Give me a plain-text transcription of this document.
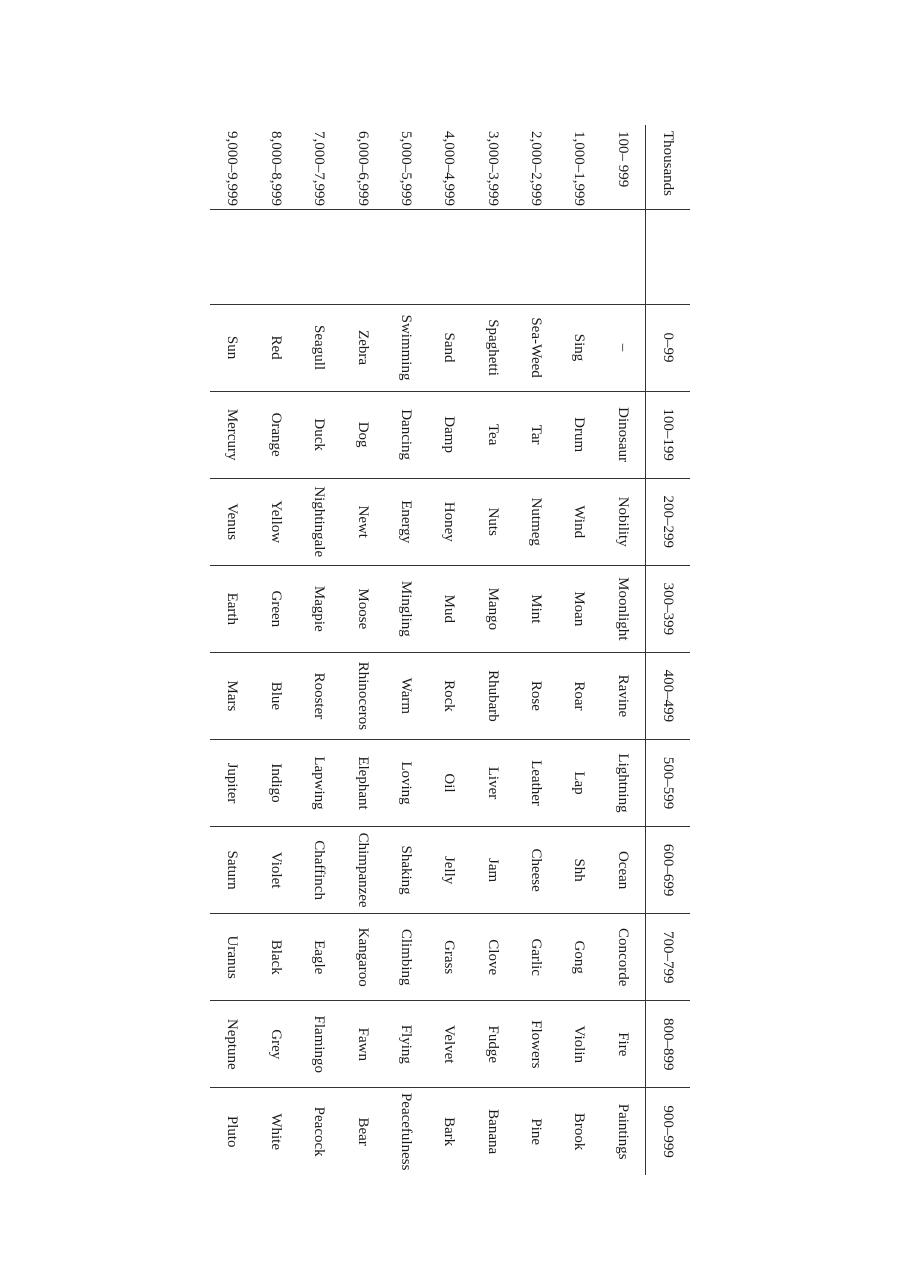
Thousands		0–99	100–199	200–299	300–399	400–499	500–599	600–699	700–799	800–899	900–999
100– 999		–	Dinosaur	Nobility	Moonlight	Ravine	Lightning	Ocean	Concorde	Fire	Paintings
1,000–1,999		Sing	Drum	Wind	Moan	Roar	Lap	Shh	Gong	Violin	Brook
2,000–2,999		Sea-Weed	Tar	Nutmeg	Mint	Rose	Leather	Cheese	Garlic	Flowers	Pine
3,000–3,999		Spaghetti	Tea	Nuts	Mango	Rhubarb	Liver	Jam	Clove	Fudge	Banana
4,000–4,999		Sand	Damp	Honey	Mud	Rock	Oil	Jelly	Grass	Velvet	Bark
5,000–5,999		Swimming	Dancing	Energy	Mingling	Warm	Loving	Shaking	Climbing	Flying	Peacefulness
6,000–6,999		Zebra	Dog	Newt	Moose	Rhinoceros	Elephant	Chimpanzee	Kangaroo	Fawn	Bear
7,000–7,999		Seagull	Duck	Nightingale	Magpie	Rooster	Lapwing	Chaffinch	Eagle	Flamingo	Peacock
8,000–8,999		Red	Orange	Yellow	Green	Blue	Indigo	Violet	Black	Grey	White
9,000–9,999		Sun	Mercury	Venus	Earth	Mars	Jupiter	Saturn	Uranus	Neptune	Pluto
